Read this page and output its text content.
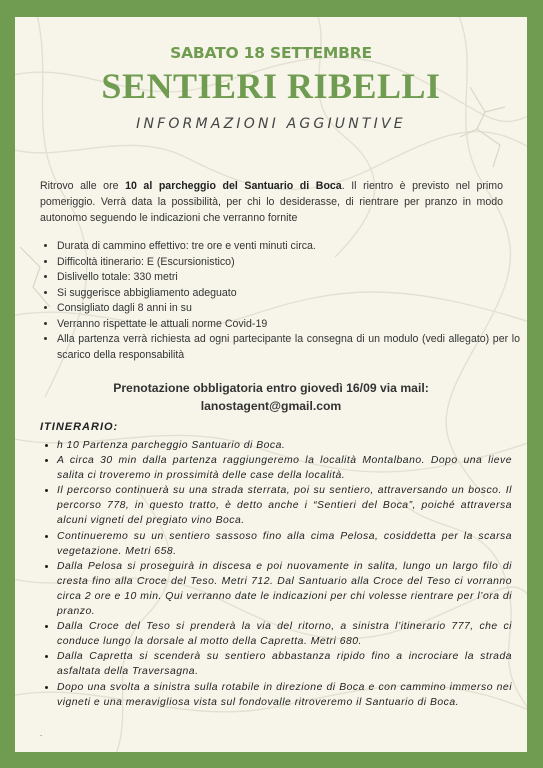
SABATO 18 SETTEMBRE
SENTIERI RIBELLI
INFORMAZIONI AGGIUNTIVE

Ritrovo alle ore 10 al parcheggio del Santuario di Boca. Il rientro è previsto nel primo pomeriggio. Verrà data la possibilità, per chi lo desiderasse, di rientrare per pranzo in modo autonomo seguendo le indicazioni che verranno fornite

• Durata di cammino effettivo: tre ore e venti minuti circa.
• Difficoltà itinerario: E (Escursionistico)
• Dislivello totale: 330 metri
• Si suggerisce abbigliamento adeguato
• Consigliato dagli 8 anni in su
• Verranno rispettate le attuali norme Covid-19
• Alla partenza verrà richiesta ad ogni partecipante la consegna di un modulo (vedi allegato) per lo scarico della responsabilità
Prenotazione obbligatoria entro giovedì 16/09 via mail:
lanostagent@gmail.com
ITINERARIO:
• h 10 Partenza parcheggio Santuario di Boca.
• A circa 30 min dalla partenza raggiungeremo la località Montalbano. Dopo una lieve salita ci troveremo in prossimità delle case della località.
• Il percorso continuerà su una strada sterrata, poi su sentiero, attraversando un bosco. Il percorso 778, in questo tratto, è detto anche i “Sentieri del Boca”, poiché attraversa alcuni vigneti del pregiato vino Boca.
• Continueremo su un sentiero sassoso fino alla cima Pelosa, cosiddetta per la scarsa vegetazione. Metri 658.
• Dalla Pelosa si proseguirà in discesa e poi nuovamente in salita, lungo un largo filo di cresta fino alla Croce del Teso. Metri 712. Dal Santuario alla Croce del Teso ci vorranno circa 2 ore e 10 min. Qui verranno date le indicazioni per chi volesse rientrare per l’ora di pranzo.
• Dalla Croce del Teso si prenderà la via del ritorno, a sinistra l’itinerario 777, che ci conduce lungo la dorsale al motto della Capretta. Metri 680.
• Dalla Capretta si scenderà su sentiero abbastanza ripido fino a incrociare la strada asfaltata della Traversagna.
• Dopo una svolta a sinistra sulla rotabile in direzione di Boca e con cammino immerso nei vigneti e una meravigliosa vista sul fondovalle ritroveremo il Santuario di Boca.
.
